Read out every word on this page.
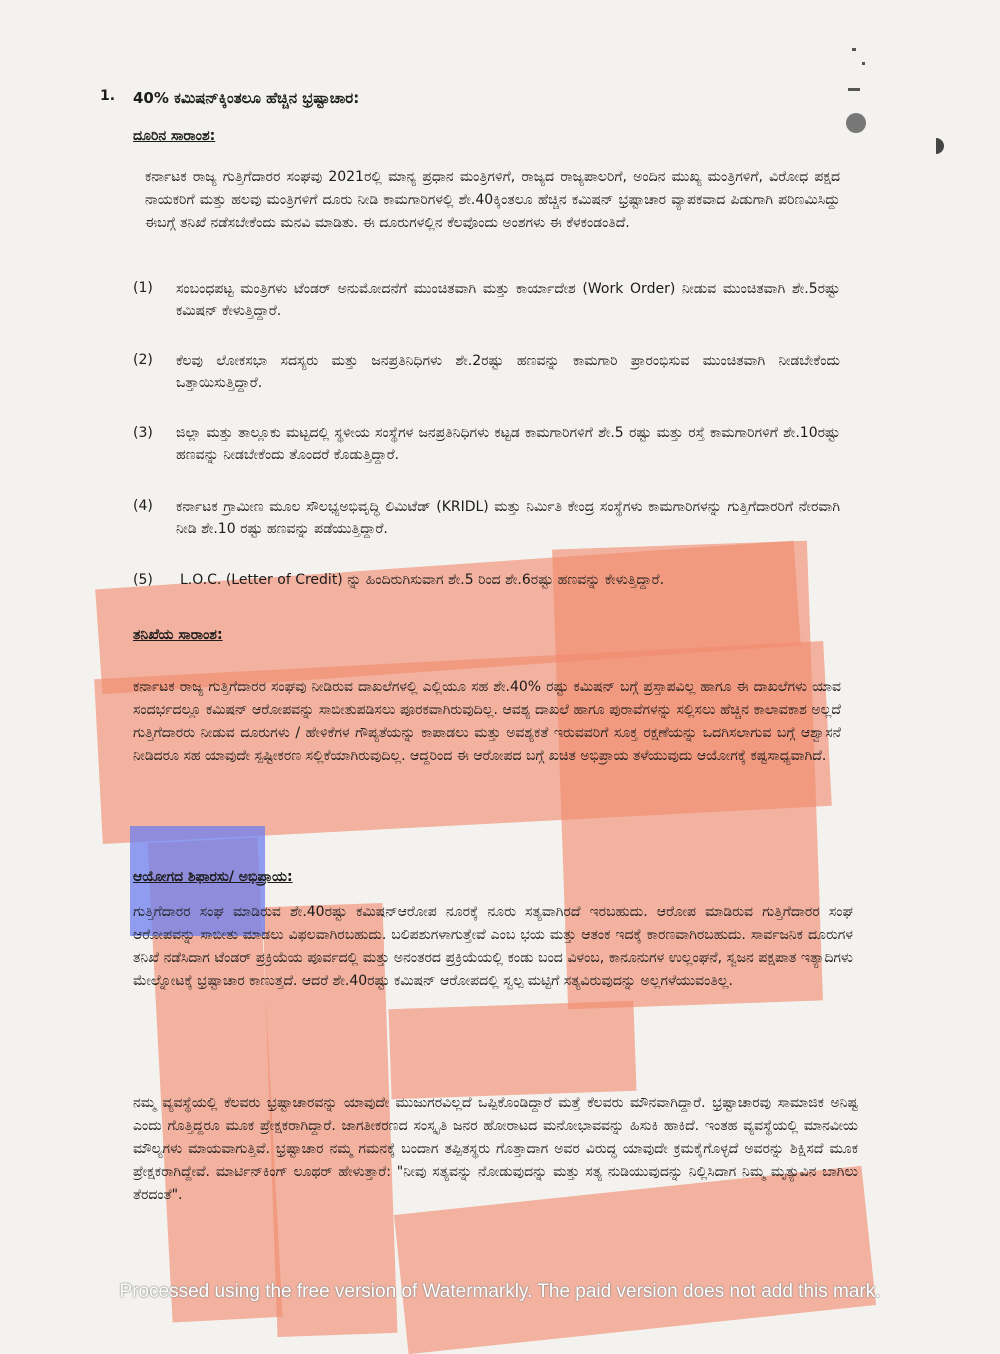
1. 40% ಕಮಿಷನ್‌ಕ್ಕಿಂತಲೂ ಹೆಚ್ಚಿನ ಭ್ರಷ್ಟಾಚಾರ:
ದೂರಿನ ಸಾರಾಂಶ:
ಕರ್ನಾಟಕ ರಾಜ್ಯ ಗುತ್ತಿಗೆದಾರರ ಸಂಘವು 2021ರಲ್ಲಿ ಮಾನ್ಯ ಪ್ರಧಾನ ಮಂತ್ರಿಗಳಿಗೆ, ರಾಜ್ಯದ ರಾಜ್ಯಪಾಲರಿಗೆ, ಅಂದಿನ ಮುಖ್ಯ ಮಂತ್ರಿಗಳಿಗೆ, ವಿರೋಧ ಪಕ್ಷದ ನಾಯಕರಿಗೆ ಮತ್ತು ಹಲವು ಮಂತ್ರಿಗಳಿಗೆ ದೂರು ನೀಡಿ ಕಾಮಗಾರಿಗಳಲ್ಲಿ ಶೇ.40ಕ್ಕಿಂತಲೂ ಹೆಚ್ಚಿನ ಕಮಿಷನ್ ಭ್ರಷ್ಟಾಚಾರ ವ್ಯಾಪಕವಾದ ಪಿಡುಗಾಗಿ ಪರಿಣಮಿಸಿದ್ದು ಈಬಗ್ಗೆ ತನಿಖೆ ನಡೆಸಬೇಕೆಂದು ಮನವಿ ಮಾಡಿತು. ಈ ದೂರುಗಳಲ್ಲಿನ ಕೆಲವೊಂದು ಅಂಶಗಳು ಈ ಕೆಳಕಂಡಂತಿದೆ.
(1) ಸಂಬಂಧಪಟ್ಟ ಮಂತ್ರಿಗಳು ಟೆಂಡರ್ ಅನುಮೋದನೆಗೆ ಮುಂಚಿತವಾಗಿ ಮತ್ತು ಕಾರ್ಯಾದೇಶ (Work Order) ನೀಡುವ ಮುಂಚಿತವಾಗಿ ಶೇ.5ರಷ್ಟು ಕಮಿಷನ್ ಕೇಳುತ್ತಿದ್ದಾರೆ.
(2) ಕೆಲವು ಲೋಕಸಭಾ ಸದಸ್ಯರು ಮತ್ತು ಜನಪ್ರತಿನಿಧಿಗಳು ಶೇ.2ರಷ್ಟು ಹಣವನ್ನು ಕಾಮಗಾರಿ ಪ್ರಾರಂಭಿಸುವ ಮುಂಚಿತವಾಗಿ ನೀಡಬೇಕೆಂದು ಒತ್ತಾಯಿಸುತ್ತಿದ್ದಾರೆ.
(3) ಜಿಲ್ಲಾ ಮತ್ತು ತಾಲ್ಲೂಕು ಮಟ್ಟದಲ್ಲಿ ಸ್ಥಳೀಯ ಸಂಸ್ಥೆಗಳ ಜನಪ್ರತಿನಿಧಿಗಳು ಕಟ್ಟಡ ಕಾಮಗಾರಿಗಳಿಗೆ ಶೇ.5 ರಷ್ಟು ಮತ್ತು ರಸ್ತೆ ಕಾಮಗಾರಿಗಳಿಗೆ ಶೇ.10ರಷ್ಟು ಹಣವನ್ನು ನೀಡಬೇಕೆಂದು ತೊಂದರೆ ಕೊಡುತ್ತಿದ್ದಾರೆ.
(4) ಕರ್ನಾಟಕ ಗ್ರಾಮೀಣ ಮೂಲ ಸೌಲಭ್ಯಅಭಿವೃದ್ಧಿ ಲಿಮಿಟೆಡ್ (KRIDL) ಮತ್ತು ನಿರ್ಮಿತಿ ಕೇಂದ್ರ ಸಂಸ್ಥೆಗಳು ಕಾಮಗಾರಿಗಳನ್ನು ಗುತ್ತಿಗೆದಾರರಿಗೆ ನೇರವಾಗಿ ನೀಡಿ ಶೇ.10 ರಷ್ಟು ಹಣವನ್ನು ಪಡೆಯುತ್ತಿದ್ದಾರೆ.
(5) L.O.C. (Letter of Credit) ನ್ನು ಹಿಂದಿರುಗಿಸುವಾಗ ಶೇ.5 ರಿಂದ ಶೇ.6ರಷ್ಟು ಹಣವನ್ನು ಕೇಳುತ್ತಿದ್ದಾರೆ.
ತನಿಖೆಯ ಸಾರಾಂಶ:
ಕರ್ನಾಟಕ ರಾಜ್ಯ ಗುತ್ತಿಗೆದಾರರ ಸಂಘವು ನೀಡಿರುವ ದಾಖಲೆಗಳಲ್ಲಿ ಎಲ್ಲಿಯೂ ಸಹ ಶೇ.40% ರಷ್ಟು ಕಮಿಷನ್ ಬಗ್ಗೆ ಪ್ರಸ್ತಾಪವಿಲ್ಲ ಹಾಗೂ ಈ ದಾಖಲೆಗಳು ಯಾವ ಸಂದರ್ಭದಲ್ಲೂ ಕಮಿಷನ್ ಆರೋಪವನ್ನು ಸಾಬೀತುಪಡಿಸಲು ಪೂರಕವಾಗಿರುವುದಿಲ್ಲ. ಆವಶ್ಯ ದಾಖಲೆ ಹಾಗೂ ಪುರಾವೆಗಳನ್ನು ಸಲ್ಲಿಸಲು ಹೆಚ್ಚಿನ ಕಾಲಾವಕಾಶ ಅಲ್ಲದೆ ಗುತ್ತಿಗೆದಾರರು ನೀಡುವ ದೂರುಗಳು / ಹೇಳಿಕೆಗಳ ಗೌಪ್ಯತೆಯನ್ನು ಕಾಪಾಡಲು ಮತ್ತು ಅವಶ್ಯಕತೆ ಇರುವವರಿಗೆ ಸೂಕ್ತ ರಕ್ಷಣೆಯನ್ನು ಒದಗಿಸಲಾಗುವ ಬಗ್ಗೆ ಆಶ್ವಾಸನೆ ನೀಡಿದರೂ ಸಹ ಯಾವುದೇ ಸ್ಪಷ್ಟೀಕರಣ ಸಲ್ಲಿಕೆಯಾಗಿರುವುದಿಲ್ಲ. ಆದ್ದರಿಂದ ಈ ಆರೋಪದ ಬಗ್ಗೆ ಖಚಿತ ಅಭಿಪ್ರಾಯ ತಳೆಯುವುದು ಆಯೋಗಕ್ಕೆ ಕಷ್ಟಸಾಧ್ಯವಾಗಿದೆ.
ಆಯೋಗದ ಶಿಫಾರಸು/ ಅಭಿಪ್ರಾಯ:
ಗುತ್ತಿಗೆದಾರರ ಸಂಘ ಮಾಡಿರುವ ಶೇ.40ರಷ್ಟು ಕಮಿಷನ್‌ಆರೋಪ ನೂರಕ್ಕೆ ನೂರು ಸತ್ಯವಾಗಿರದೆ ಇರಬಹುದು. ಆರೋಪ ಮಾಡಿರುವ ಗುತ್ತಿಗೆದಾರರ ಸಂಘ ಆರೋಪವನ್ನು ಸಾಬೀತು ಮಾಡಲು ವಿಫಲವಾಗಿರಬಹುದು. ಬಲಿಪಶುಗಳಾಗುತ್ತೇವೆ ಎಂಬ ಭಯ ಮತ್ತು ಆತಂಕ ಇದಕ್ಕೆ ಕಾರಣವಾಗಿರಬಹುದು. ಸಾರ್ವಜನಿಕ ದೂರುಗಳ ತನಿಖೆ ನಡೆಸಿದಾಗ ಟೆಂಡರ್ ಪ್ರಕ್ರಿಯೆಯ ಪೂರ್ವದಲ್ಲಿ ಮತ್ತು ಅನಂತರದ ಪ್ರಕ್ರಿಯೆಯಲ್ಲಿ ಕಂಡು ಬಂದ ವಿಳಂಬ, ಕಾನೂನುಗಳ ಉಲ್ಲಂಘನೆ, ಸ್ವಜನ ಪಕ್ಷಪಾತ ಇತ್ಯಾದಿಗಳು ಮೇಲ್ನೋಟಕ್ಕೆ ಭ್ರಷ್ಟಾಚಾರ ಕಾಣುತ್ತದೆ. ಆದರೆ ಶೇ.40ರಷ್ಟು ಕಮಿಷನ್ ಆರೋಪದಲ್ಲಿ ಸ್ವಲ್ಪ ಮಟ್ಟಿಗೆ ಸತ್ಯವಿರುವುದನ್ನು ಅಲ್ಲಗಳೆಯುವಂತಿಲ್ಲ.
ನಮ್ಮ ವ್ಯವಸ್ಥೆಯಲ್ಲಿ ಕೆಲವರು ಭ್ರಷ್ಟಾಚಾರವನ್ನು ಯಾವುದೇ ಮುಜುಗರವಿಲ್ಲದೆ ಒಪ್ಪಿಕೊಂಡಿದ್ದಾರೆ ಮತ್ತೆ ಕೆಲವರು ಮೌನವಾಗಿದ್ದಾರೆ. ಭ್ರಷ್ಟಾಚಾರವು ಸಾಮಾಜಿಕ ಅನಿಷ್ಟ ಎಂದು ಗೊತ್ತಿದ್ದರೂ ಮೂಕ ಪ್ರೇಕ್ಷಕರಾಗಿದ್ದಾರೆ. ಜಾಗತೀಕರಣದ ಸಂಸ್ಕೃತಿ ಜನರ ಹೋರಾಟದ ಮನೋಭಾವವನ್ನು ಹಿಸುಕಿ ಹಾಕಿದೆ. ಇಂತಹ ವ್ಯವಸ್ಥೆಯಲ್ಲಿ ಮಾನವೀಯ ಮೌಲ್ಯಗಳು ಮಾಯವಾಗುತ್ತಿವೆ. ಭ್ರಷ್ಟಾಚಾರ ನಮ್ಮ ಗಮನಕ್ಕೆ ಬಂದಾಗ ತಪ್ಪಿತಸ್ಥರು ಗೊತ್ತಾದಾಗ ಅವರ ವಿರುದ್ಧ ಯಾವುದೇ ಕ್ರಮಕೈಗೊಳ್ಳದೆ ಅವರನ್ನು ಶಿಕ್ಷಿಸದೆ ಮೂಕ ಪ್ರೇಕ್ಷಕರಾಗಿದ್ದೇವೆ. ಮಾರ್ಟಿನ್‌ಕಿಂಗ್ ಲೂಥರ್ ಹೇಳುತ್ತಾರೆ: "ನೀವು ಸತ್ಯವನ್ನು ನೋಡುವುದನ್ನು ಮತ್ತು ಸತ್ಯ ನುಡಿಯುವುದನ್ನು ನಿಲ್ಲಿಸಿದಾಗ ನಿಮ್ಮ ಮೃತ್ಯುವಿನ ಬಾಗಿಲು ತೆರದಂತೆ".
Processed using the free version of Watermarkly. The paid version does not add this mark.
